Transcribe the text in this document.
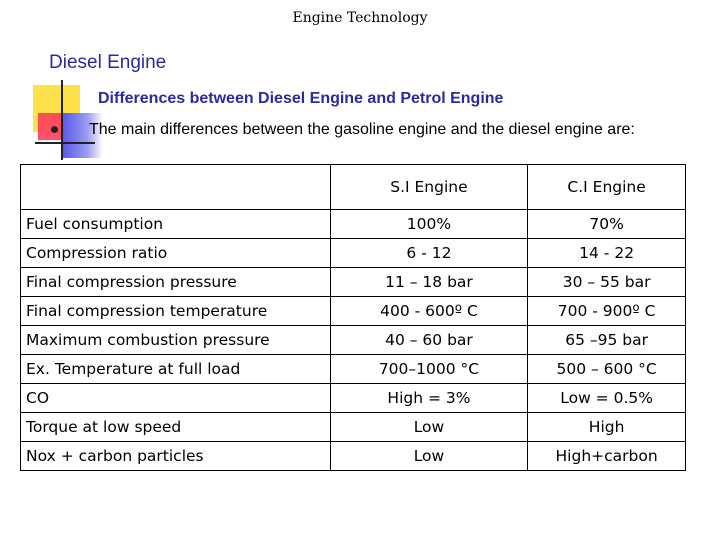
Engine Technology
Diesel Engine
Differences between Diesel Engine and Petrol Engine
The main differences between the gasoline engine and the diesel engine are:
	S.I Engine	C.I Engine
Fuel consumption	100%	70%
Compression ratio	6 - 12	14 - 22
Final compression pressure	11 – 18 bar	30 – 55 bar
Final compression temperature	400 - 600º C	700 - 900º C
Maximum combustion pressure	40 – 60 bar	65 –95 bar
Ex. Temperature at full load	700–1000 °C	500 – 600 °C
CO	High = 3%	Low = 0.5%
Torque at low speed	Low	High
Nox + carbon particles	Low	High+carbon
